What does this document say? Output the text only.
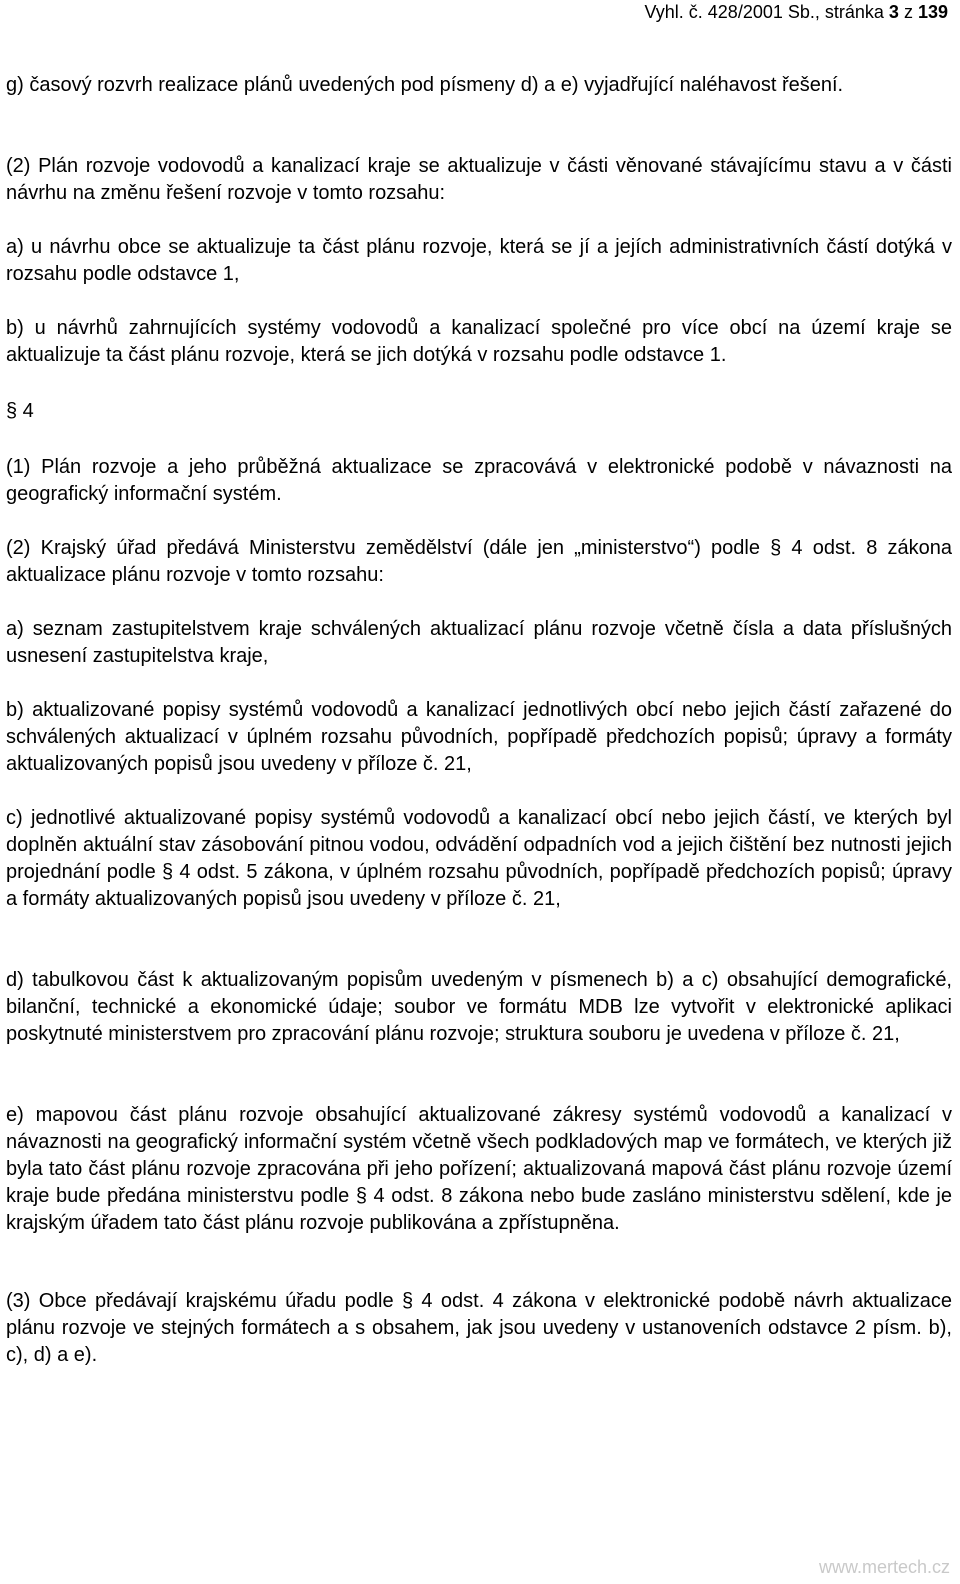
Vyhl. č. 428/2001 Sb., stránka 3 z 139

g) časový rozvrh realizace plánů uvedených pod písmeny d) a e) vyjadřující naléhavost řešení.

(2) Plán rozvoje vodovodů a kanalizací kraje se aktualizuje v části věnované stávajícímu stavu a v části návrhu na změnu řešení rozvoje v tomto rozsahu:

a) u návrhu obce se aktualizuje ta část plánu rozvoje, která se jí a jejích administrativních částí dotýká v rozsahu podle odstavce 1,

b) u návrhů zahrnujících systémy vodovodů a kanalizací společné pro více obcí na území kraje se aktualizuje ta část plánu rozvoje, která se jich dotýká v rozsahu podle odstavce 1.

§ 4

(1) Plán rozvoje a jeho průběžná aktualizace se zpracovává v elektronické podobě v návaznosti na geografický informační systém.

(2) Krajský úřad předává Ministerstvu zemědělství (dále jen „ministerstvo“) podle § 4 odst. 8 zákona aktualizace plánu rozvoje v tomto rozsahu:

a) seznam zastupitelstvem kraje schválených aktualizací plánu rozvoje včetně čísla a data příslušných usnesení zastupitelstva kraje,

b) aktualizované popisy systémů vodovodů a kanalizací jednotlivých obcí nebo jejich částí zařazené do schválených aktualizací v úplném rozsahu původních, popřípadě předchozích popisů; úpravy a formáty aktualizovaných popisů jsou uvedeny v příloze č. 21,

c) jednotlivé aktualizované popisy systémů vodovodů a kanalizací obcí nebo jejich částí, ve kterých byl doplněn aktuální stav zásobování pitnou vodou, odvádění odpadních vod a jejich čištění bez nutnosti jejich projednání podle § 4 odst. 5 zákona, v úplném rozsahu původních, popřípadě předchozích popisů; úpravy a formáty aktualizovaných popisů jsou uvedeny v příloze č. 21,

d) tabulkovou část k aktualizovaným popisům uvedeným v písmenech b) a c) obsahující demografické, bilanční, technické a ekonomické údaje; soubor ve formátu MDB lze vytvořit v elektronické aplikaci poskytnuté ministerstvem pro zpracování plánu rozvoje; struktura souboru je uvedena v příloze č. 21,

e) mapovou část plánu rozvoje obsahující aktualizované zákresy systémů vodovodů a kanalizací v návaznosti na geografický informační systém včetně všech podkladových map ve formátech, ve kterých již byla tato část plánu rozvoje zpracována při jeho pořízení; aktualizovaná mapová část plánu rozvoje území kraje bude předána ministerstvu podle § 4 odst. 8 zákona nebo bude zasláno ministerstvu sdělení, kde je krajským úřadem tato část plánu rozvoje publikována a zpřístupněna.

(3) Obce předávají krajskému úřadu podle § 4 odst. 4 zákona v elektronické podobě návrh aktualizace plánu rozvoje ve stejných formátech a s obsahem, jak jsou uvedeny v ustanoveních odstavce 2 písm. b), c), d) a e).

www.mertech.cz
